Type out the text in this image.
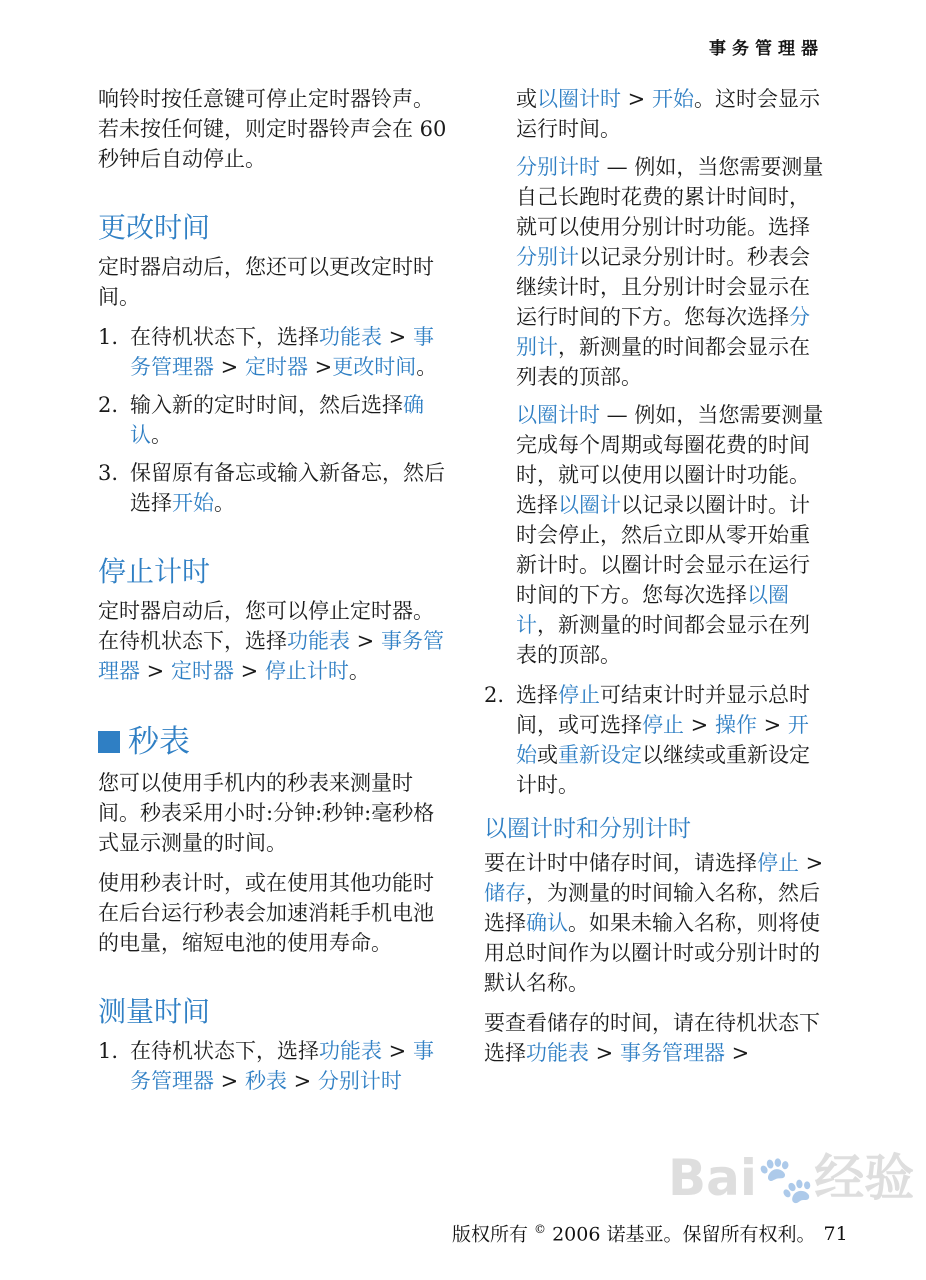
事务管理器

响铃时按任意键可停止定时器铃声。若未按任何键，则定时器铃声会在 60 秒钟后自动停止。

更改时间

定时器启动后，您还可以更改定时时间。

1. 在待机状态下，选择功能表 > 事务管理器 > 定时器 >更改时间。

2. 输入新的定时时间，然后选择确认。

3. 保留原有备忘或输入新备忘，然后选择开始。

停止计时

定时器启动后，您可以停止定时器。在待机状态下，选择功能表 > 事务管理器 > 定时器 > 停止计时。

秒表

您可以使用手机内的秒表来测量时间。秒表采用小时:分钟:秒钟:毫秒格式显示测量的时间。

使用秒表计时，或在使用其他功能时在后台运行秒表会加速消耗手机电池的电量，缩短电池的使用寿命。

测量时间
1. 在待机状态下，选择功能表 > 事务管理器 > 秒表 > 分别计时

或以圈计时 > 开始。这时会显示运行时间。

分别计时 — 例如，当您需要测量自己长跑时花费的累计时间时，就可以使用分别计时功能。选择分别计以记录分别计时。秒表会继续计时，且分别计时会显示在运行时间的下方。您每次选择分别计，新测量的时间都会显示在列表的顶部。

以圈计时 — 例如，当您需要测量完成每个周期或每圈花费的时间时，就可以使用以圈计时功能。选择以圈计以记录以圈计时。计时会停止，然后立即从零开始重新计时。以圈计时会显示在运行时间的下方。您每次选择以圈计，新测量的时间都会显示在列表的顶部。

2. 选择停止可结束计时并显示总时间，或可选择停止 > 操作 > 开始或重新设定以继续或重新设定计时。

以圈计时和分别计时

要在计时中储存时间，请选择停止 > 储存，为测量的时间输入名称，然后选择确认。如果未输入名称，则将使用总时间作为以圈计时或分别计时的默认名称。

要查看储存的时间，请在待机状态下选择功能表 > 事务管理器 >

Bai🐾经验
版权所有 © 2006 诺基亚。保留所有权利。 71
